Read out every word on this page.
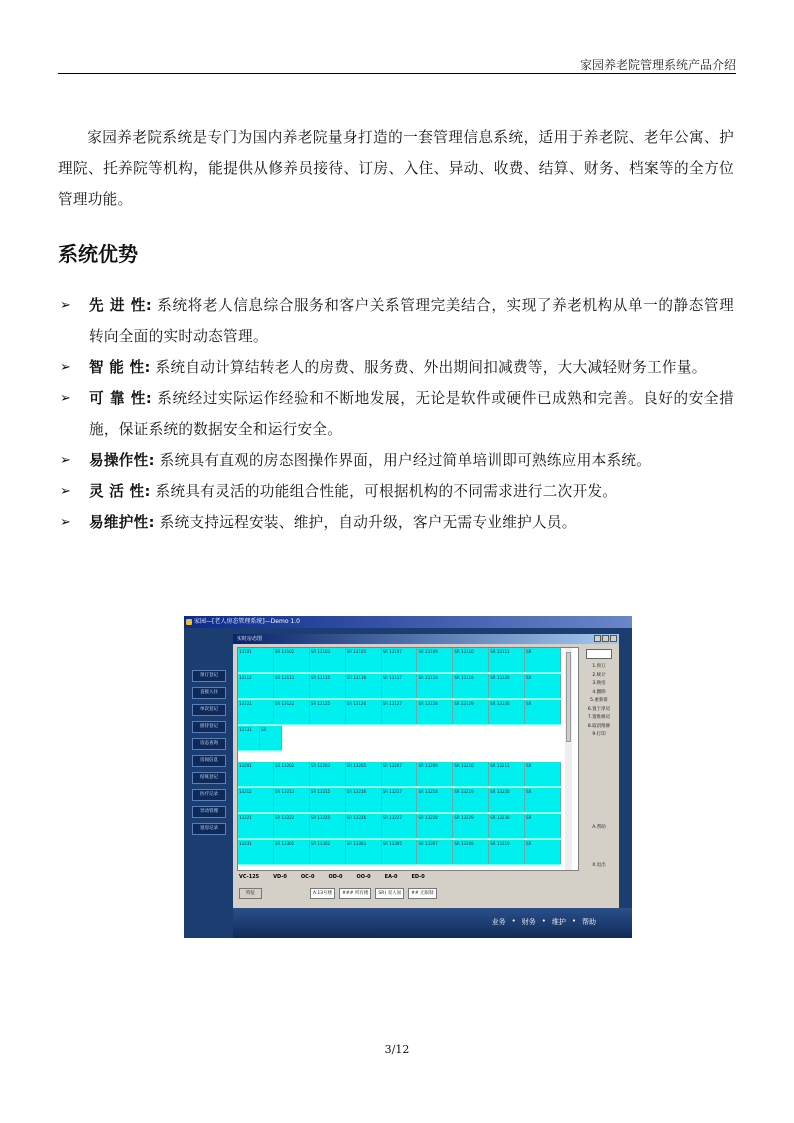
家园养老院管理系统产品介绍

家园养老院系统是专门为国内养老院量身打造的一套管理信息系统，适用于养老院、老年公寓、护理院、托养院等机构，能提供从修养员接待、订房、入住、异动、收费、结算、财务、档案等的全方位管理功能。

系统优势
➢ 先 进 性: 系统将老人信息综合服务和客户关系管理完美结合，实现了养老机构从单一的静态管理转向全面的实时动态管理。
➢ 智 能 性: 系统自动计算结转老人的房费、服务费、外出期间扣减费等，大大减轻财务工作量。
➢ 可 靠 性: 系统经过实际运作经验和不断地发展，无论是软件或硬件已成熟和完善。良好的安全措施，保证系统的数据安全和运行安全。
➢ 易操作性: 系统具有直观的房态图操作界面，用户经过简单培训即可熟练应用本系统。
➢ 灵 活 性: 系统具有灵活的功能组合性能，可根据机构的不同需求进行二次开发。
➢ 易维护性: 系统支持远程安装、维护，自动升级，客户无需专业维护人员。
家园—[老人房态管理系统]—Demo 1.0
预订登记
直接入住
单次登记
接待登记
房态查询
房间信息
结账登记
医疗记录
异动管理
退房记录
实时房态图
13101	SR 13102	SR 13103	SR 13105	SR 13107	SR 13109	SR 13110	SR 13111	SR
13112	SR 13113	SR 13115	SR 13116	SR 13117	SR 13118	SR 13119	SR 13120	SR
13121	SR 13122	SR 13125	SR 13126	SR 13127	SR 13128	SR 13129	SR 13130	SR
13131	SR
13201	SR 13202	SR 13203	SR 13205	SR 13207	SR 13209	SR 13210	SR 13211	SR
13212	SR 13213	SR 13215	SR 13216	SR 13217	SR 13218	SR 13219	SR 13220	SR
13221	SR 13222	SR 13225	SR 13226	SR 13227	SR 13228	SR 13229	SR 13230	SR
13231	SR 13301	SR 13302	SR 13303	SR 13305	SR 13307	SR 13309	SR 13310	SR
VC-125	VD-0	OC-0	OD-0	OO-0	EA-0	ED-0
特征	A.13号楼	### 所有楼	SR) 双人间	## 无限制
1.预订
2.统计
3.换房
4.删除
5.重新排
6.置于净房
7.置维修房
8.取消维修
9.打印
A.帮助
X.退出
业务 • 财务 • 维护 • 帮助
3/12
